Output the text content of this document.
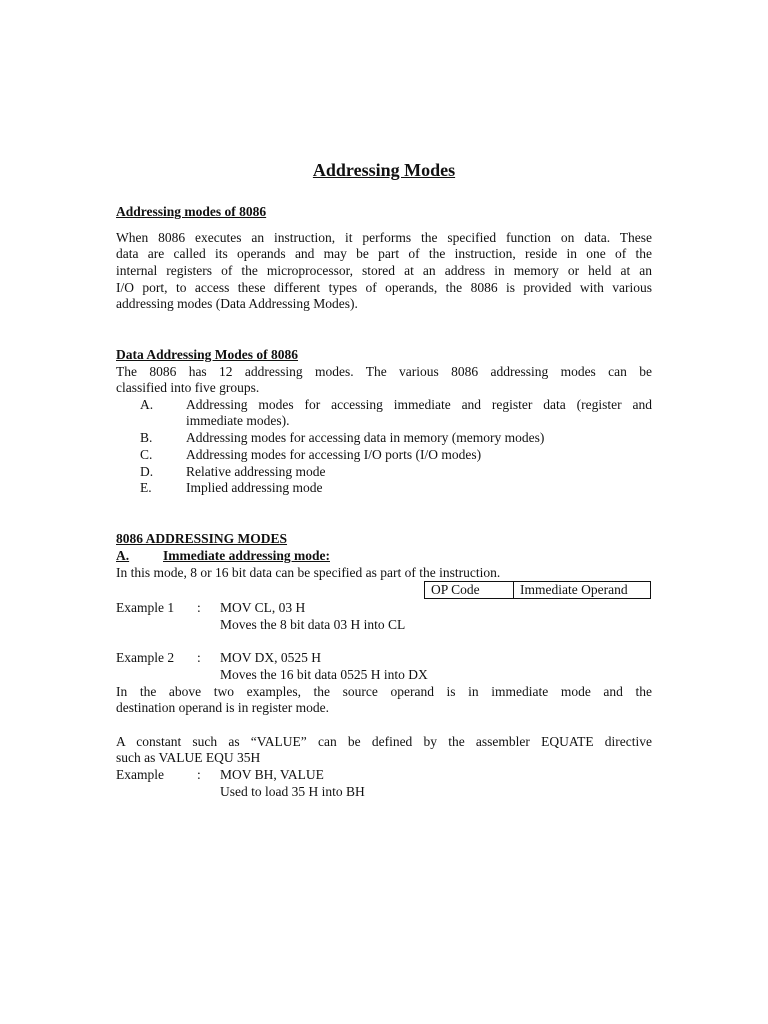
Addressing Modes
Addressing modes of 8086
When 8086 executes an instruction, it performs the specified function on data. These
data are called its operands and may be part of the instruction, reside in one of the
internal registers of the microprocessor, stored at an address in memory or held at an
I/O port, to access these different types of operands, the 8086 is provided with various
addressing modes (Data Addressing Modes).
Data Addressing Modes of 8086
The 8086 has 12 addressing modes. The various 8086 addressing modes can be
classified into five groups.
A. Addressing modes for accessing immediate and register data (register and
immediate modes).
B. Addressing modes for accessing data in memory (memory modes)
C. Addressing modes for accessing I/O ports (I/O modes)
D. Relative addressing mode
E.	Implied addressing mode
8086 ADDRESSING MODES
A.	Immediate addressing mode:
In this mode, 8 or 16 bit data can be specified as part of the instruction.
OP Code	Immediate Operand
Example 1 : MOV CL, 03 H
Moves the 8 bit data 03 H into CL
Example 2 : MOV DX, 0525 H
Moves the 16 bit data 0525 H into DX
In the above two examples, the source operand is in immediate mode and the
destination operand is in register mode.
A constant such as “VALUE” can be defined by the assembler EQUATE directive
such as VALUE EQU 35H
Example : MOV BH, VALUE
Used to load 35 H into BH
